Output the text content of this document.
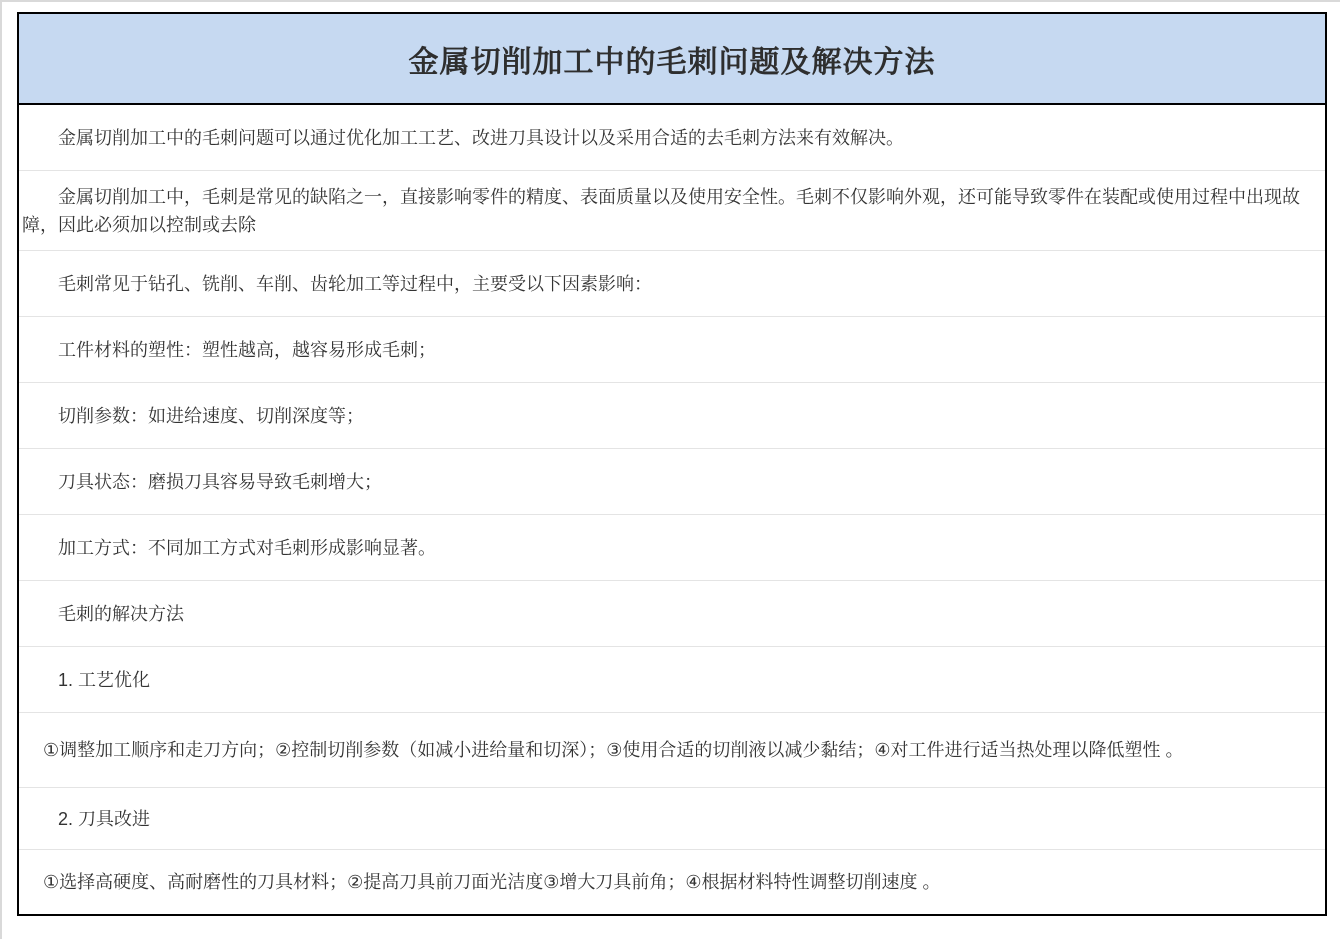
金属切削加工中的毛刺问题及解决方法

金属切削加工中的毛刺问题可以通过优化加工工艺、改进刀具设计以及采用合适的去毛刺方法来有效解决。

金属切削加工中，毛刺是常见的缺陷之一，直接影响零件的精度、表面质量以及使用安全性。毛刺不仅影响外观，还可能导致零件在装配或使用过程中出现故障，因此必须加以控制或去除

毛刺常见于钻孔、铣削、车削、齿轮加工等过程中，主要受以下因素影响：

工件材料的塑性：塑性越高，越容易形成毛刺；

切削参数：如进给速度、切削深度等；

刀具状态：磨损刀具容易导致毛刺增大；

加工方式：不同加工方式对毛刺形成影响显著。

毛刺的解决方法

1. 工艺优化

①调整加工顺序和走刀方向；②控制切削参数（如减小进给量和切深）；③使用合适的切削液以减少黏结；④对工件进行适当热处理以降低塑性 。

2. 刀具改进

①选择高硬度、高耐磨性的刀具材料；②提高刀具前刀面光洁度③增大刀具前角；④根据材料特性调整切削速度 。
